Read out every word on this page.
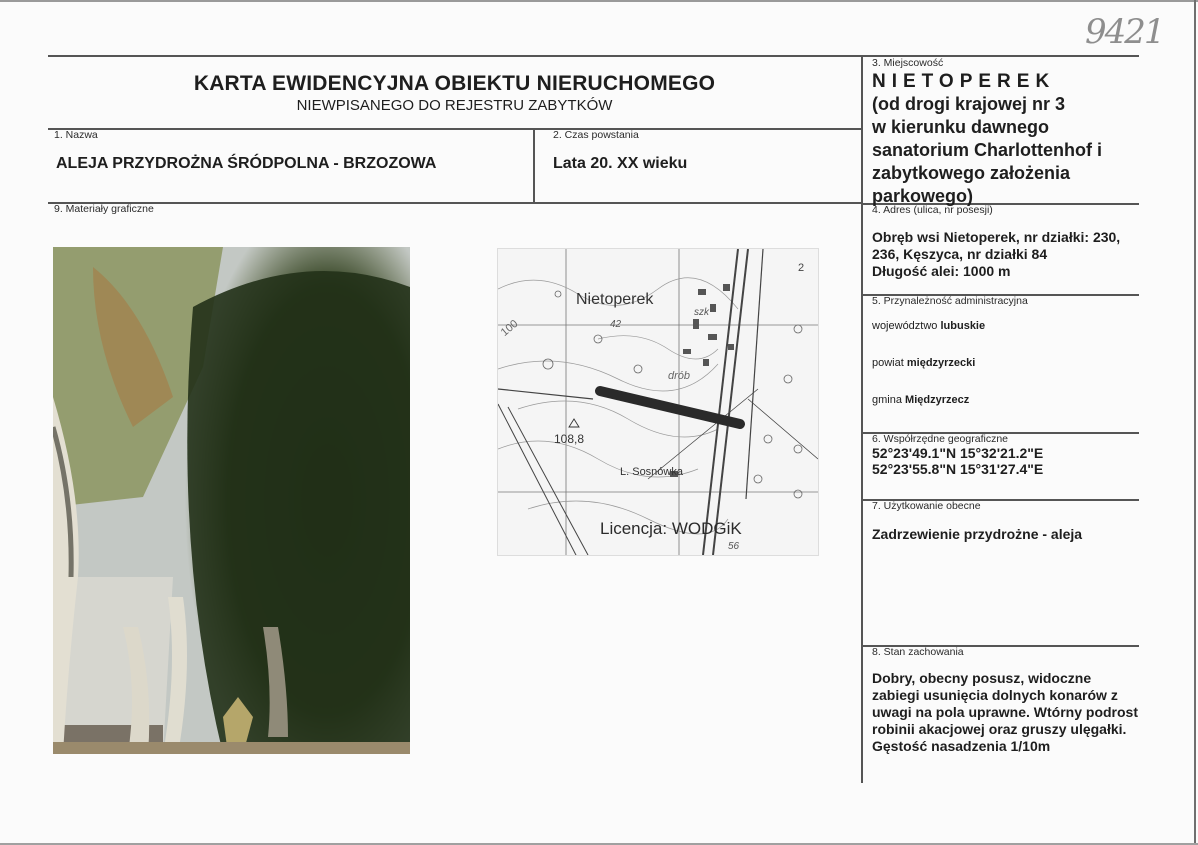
9421
KARTA EWIDENCYJNA OBIEKTU NIERUCHOMEGO
NIEWPISANEGO DO REJESTRU ZABYTKÓW
1. Nazwa
ALEJA PRZYDROŻNA ŚRÓDPOLNA - BRZOZOWA
2. Czas powstania
Lata 20. XX wieku
9. Materiały graficzne
3. Miejscowość
NIETOPEREK
(od drogi krajowej nr 3
w kierunku dawnego
sanatorium Charlottenhof i
zabytkowego założenia
parkowego)
4. Adres (ulica, nr posesji)
Obręb wsi Nietoperek, nr działki: 230,
236, Kęszyca, nr działki 84
Długość alei: 1000 m
5. Przynależność administracyjna
województwo lubuskie
powiat międzyrzecki
gmina Międzyrzecz
6. Współrzędne geograficzne
52°23'49.1"N 15°32'21.2"E
52°23'55.8"N 15°31'27.4"E
7. Użytkowanie obecne
Zadrzewienie przydrożne - aleja
8. Stan zachowania
Dobry, obecny posusz, widoczne
zabiegi usunięcia dolnych konarów z
uwagi na pola uprawne. Wtórny podrost
robinii akacjowej oraz gruszy ulęgałki.
Gęstość nasadzenia 1/10m
Nietoperek
100	42
szk
drób
2
108,8
L. Sosnówka
56
Licencja: WODGiK
